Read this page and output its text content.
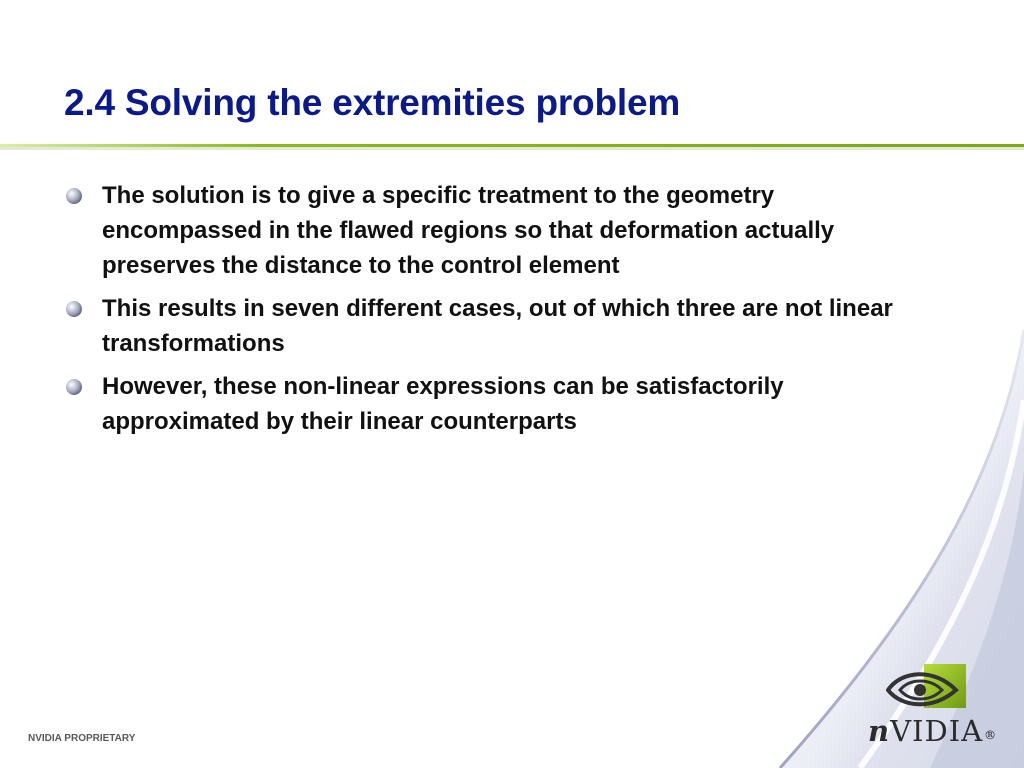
2.4 Solving the extremities problem
The solution is to give a specific treatment to the geometry encompassed in the flawed regions so that deformation actually preserves the distance to the control element
This results in seven different cases, out of which three are not linear transformations
However, these non-linear expressions can be satisfactorily approximated by their linear counterparts
NVIDIA PROPRIETARY	nVIDIA®
